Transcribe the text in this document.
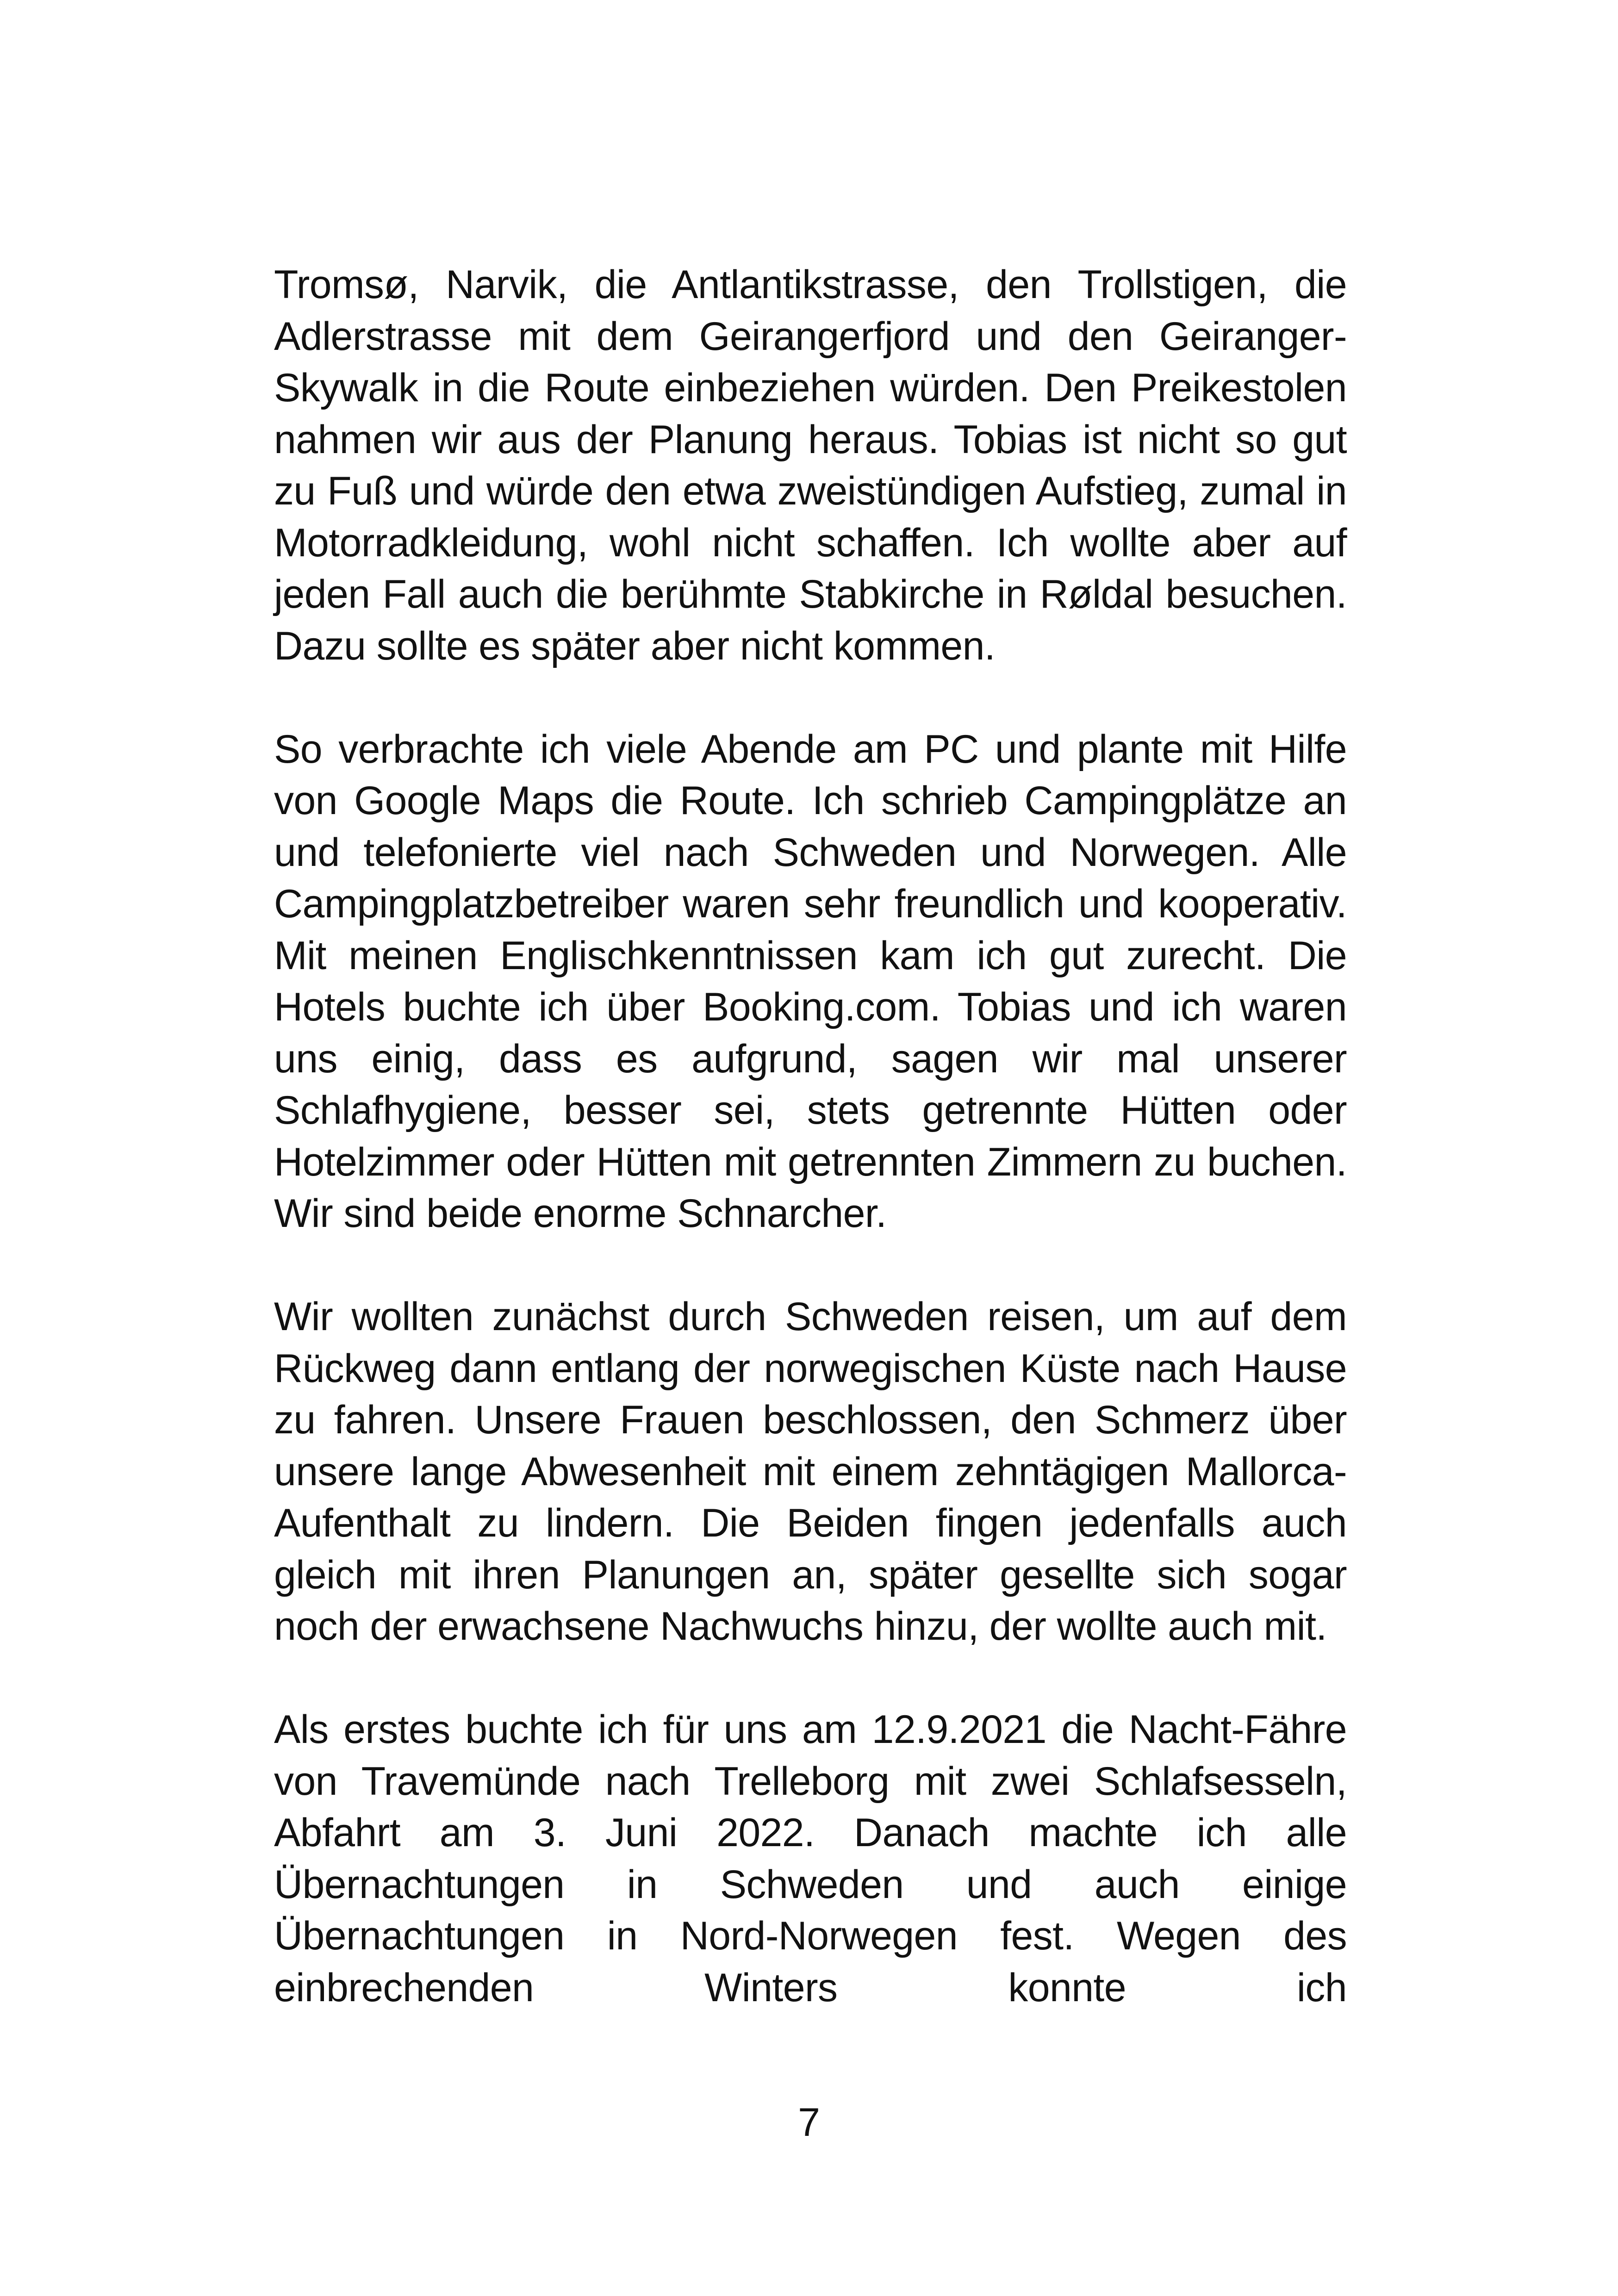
Tromsø, Narvik, die Antlantikstrasse, den Trollstigen, die Adlerstrasse mit dem Geirangerfjord und den Geiranger-Skywalk in die Route einbeziehen würden. Den Preikestolen nahmen wir aus der Planung heraus. Tobias ist nicht so gut zu Fuß und würde den etwa zweistündigen Aufstieg, zumal in Motorradkleidung, wohl nicht schaffen. Ich wollte aber auf jeden Fall auch die berühmte Stabkirche in Røldal besuchen. Dazu sollte es später aber nicht kommen.

So verbrachte ich viele Abende am PC und plante mit Hilfe von Google Maps die Route. Ich schrieb Campingplätze an und telefonierte viel nach Schweden und Norwegen. Alle Campingplatzbetreiber waren sehr freundlich und kooperativ. Mit meinen Englischkenntnissen kam ich gut zurecht. Die Hotels buchte ich über Booking.com. Tobias und ich waren uns einig, dass es aufgrund, sagen wir mal unserer Schlafhygiene, besser sei, stets getrennte Hütten oder Hotelzimmer oder Hütten mit getrennten Zimmern zu buchen. Wir sind beide enorme Schnarcher.

Wir wollten zunächst durch Schweden reisen, um auf dem Rückweg dann entlang der norwegischen Küste nach Hause zu fahren. Unsere Frauen beschlossen, den Schmerz über unsere lange Abwesenheit mit einem zehntägigen Mallorca-Aufenthalt zu lindern. Die Beiden fingen jedenfalls auch gleich mit ihren Planungen an, später gesellte sich sogar noch der erwachsene Nachwuchs hinzu, der wollte auch mit.

Als erstes buchte ich für uns am 12.9.2021 die Nacht-Fähre von Travemünde nach Trelleborg mit zwei Schlafsesseln, Abfahrt am 3. Juni 2022. Danach machte ich alle Übernachtungen in Schweden und auch einige Übernachtungen in Nord-Norwegen fest. Wegen des einbrechenden Winters konnte ich

7
